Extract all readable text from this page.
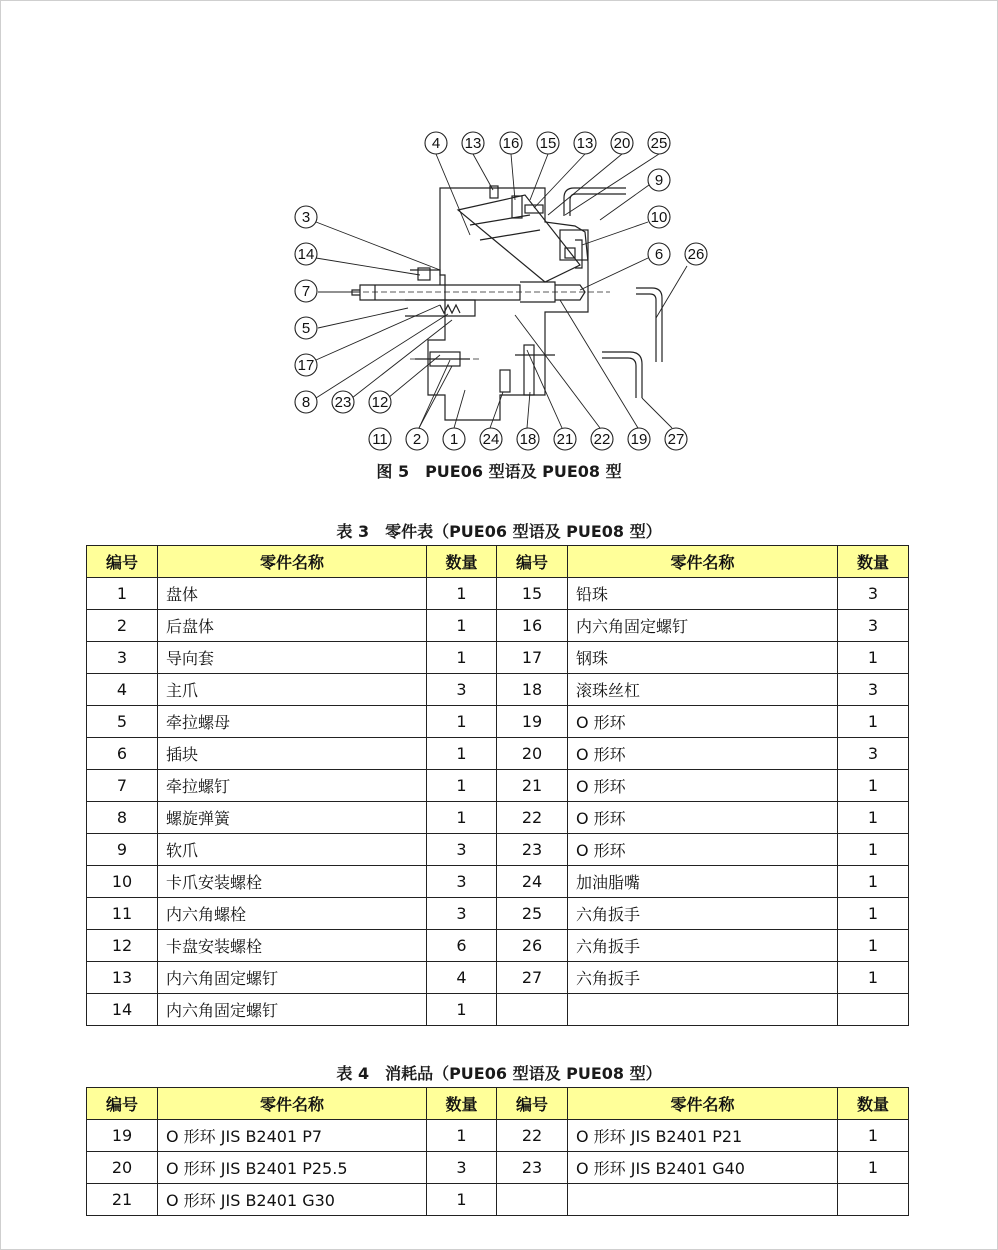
4 13 16 15 13 20 25
9
10
6 26
3
14
7
5
17
8 23 12
11 2 1 24 18 21 22 19 27
图 5　PUE06 型语及 PUE08 型
表 3　零件表（PUE06 型语及 PUE08 型）
编号	零件名称	数量	编号	零件名称	数量
1	盘体	1	15	铅珠	3
2	后盘体	1	16	内六角固定螺钉	3
3	导向套	1	17	钢珠	1
4	主爪	3	18	滚珠丝杠	3
5	牵拉螺母	1	19	O 形环	1
6	插块	1	20	O 形环	3
7	牵拉螺钉	1	21	O 形环	1
8	螺旋弹簧	1	22	O 形环	1
9	软爪	3	23	O 形环	1
10	卡爪安装螺栓	3	24	加油脂嘴	1
11	内六角螺栓	3	25	六角扳手	1
12	卡盘安装螺栓	6	26	六角扳手	1
13	内六角固定螺钉	4	27	六角扳手	1
14	内六角固定螺钉	1			
表 4　消耗品（PUE06 型语及 PUE08 型）
编号	零件名称	数量	编号	零件名称	数量
19	O 形环 JIS B2401 P7	1	22	O 形环 JIS B2401 P21	1
20	O 形环 JIS B2401 P25.5	3	23	O 形环 JIS B2401 G40	1
21	O 形环 JIS B2401 G30	1			
